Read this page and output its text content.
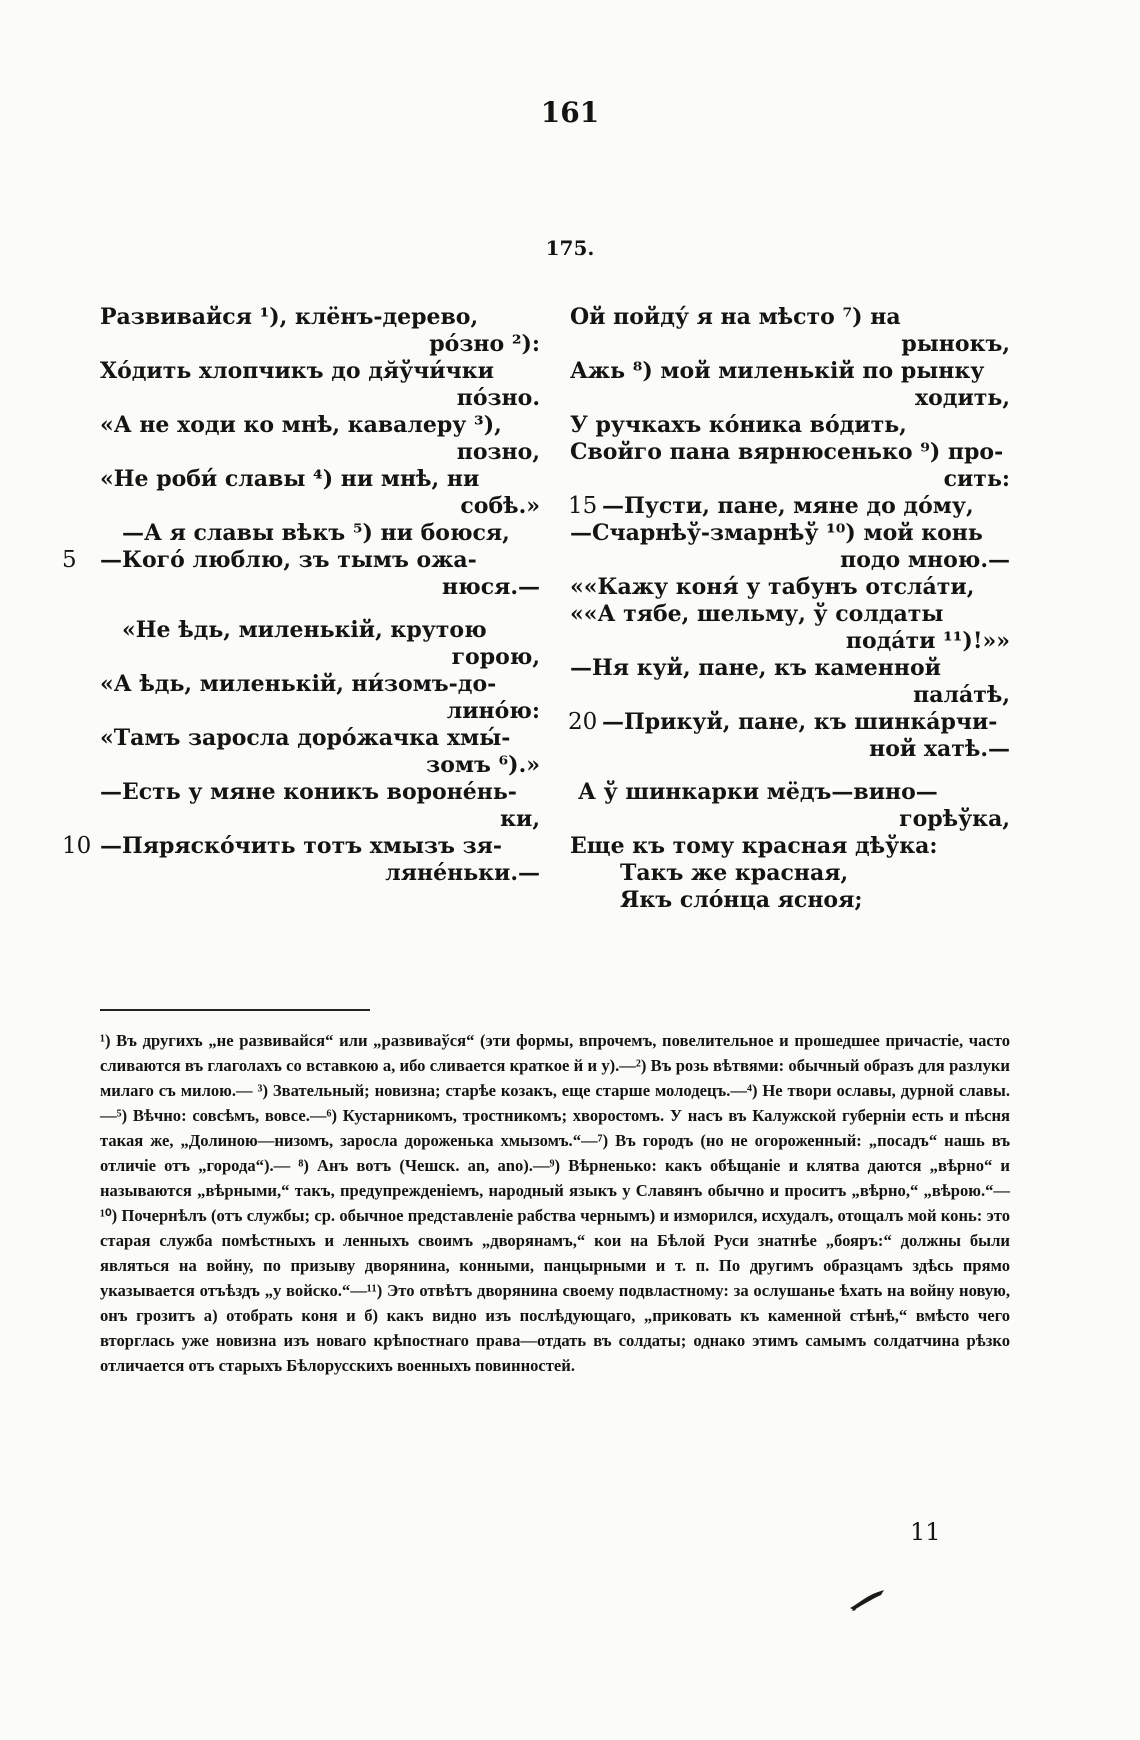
161
175.
Развивайся ¹), клёнъ-дерево,
рóзно ²):
Хóдить хлопчикъ до дя̆ўчи́чки
пóзно.
«А не ходи ко мнѣ, кавалеру ³),
позно,
«Не роби́ славы ⁴) ни мнѣ, ни
собѣ.»
—А я славы вѣкъ ⁵) ни боюся,
5	—Когó люблю, зъ тымъ ожа-
нюся.—
«Не ѣдь, миленькій, крутою
горою,
«А ѣдь, миленькій, ни́зомъ-до-
линóю:
«Тамъ заросла дорóжачка хмы́-
зомъ ⁶).»
—Есть у мяне коникъ воронéнь-
ки,
10 —Пяряскóчить тотъ хмызъ зя-
лянéньки.—
Ой пойду́ я на мѣсто ⁷) на
рынокъ,
Ажь ⁸) мой миленькій по рынку
ходить,
У ручкахъ кóника вóдить,
Свойго пана вярнюсенько ⁹) про-
сить:
15 —Пусти, пане, мяне до дóму,
—Счарнѣў-змарнѣў ¹⁰) мой конь
подо мною.—
««Кажу коня́ у табунъ отслáти,
««А тябе, шельму, ў солдаты
подáти ¹¹)!»»
—Ня куй, пане, къ каменной
палáтѣ,
20 —Прикуй, пане, къ шинкáрчи-
ной хатѣ.—
А ў шинкарки мёдъ—вино—
горѣўка,
Еще къ тому красная дѣўка:
Такъ же красная,
Якъ слóнца ясноя;

¹) Въ другихъ „не развивайся“ или „развиваўся“ (эти формы, впрочемъ, повелительное и прошедшее причастіе, часто сливаются въ глаголахъ со вставкою а, ибо сливается краткое й и у).—²) Въ розь вѣтвями: обычный образъ для разлуки милаго съ милою.— ³) Звательный; новизна; старѣе козакъ, еще старше молодецъ.—⁴) Не твори ославы, дурной славы.—⁵) Вѣчно: совсѣмъ, вовсе.—⁶) Кустарникомъ, тростникомъ; хворостомъ. У насъ въ Калужской губерніи есть и пѣсня такая же, „Долиною—низомъ, заросла дороженька хмызомъ.“—⁷) Въ городъ (но не огороженный: „посадъ“ нашь въ отличіе отъ „города“).— ⁸) Анъ вотъ (Чешск. an, ano).—⁹) Вѣрненько: какъ обѣщаніе и клятва даются „вѣрно“ и называются „вѣрными,“ такъ, предупрежденіемъ, народный языкъ у Славянъ обычно и проситъ „вѣрно,“ „вѣрою.“—¹⁰) Почернѣлъ (отъ службы; ср. обычное представленіе рабства чернымъ) и изморился, исхудалъ, отощалъ мой конь: это старая служба помѣстныхъ и ленныхъ своимъ „дворянамъ,“ кои на Бѣлой Руси знатнѣе „бояръ:“ должны были являться на войну, по призыву дворянина, конными, панцырными и т. п. По другимъ образцамъ здѣсь прямо указывается отъѣздъ „у войско.“—¹¹) Это отвѣтъ дворянина своему подвластному: за ослушанье ѣхать на войну новую, онъ грозитъ а) отобрать коня и б) какъ видно изъ послѣдующаго, „приковать къ каменной стѣнѣ,“ вмѣсто чего вторглась уже новизна изъ новаго крѣпостнаго права—отдать въ солдаты; однако этимъ самымъ солдатчина рѣзко отличается отъ старыхъ Бѣлорусскихъ военныхъ повинностей.

11
